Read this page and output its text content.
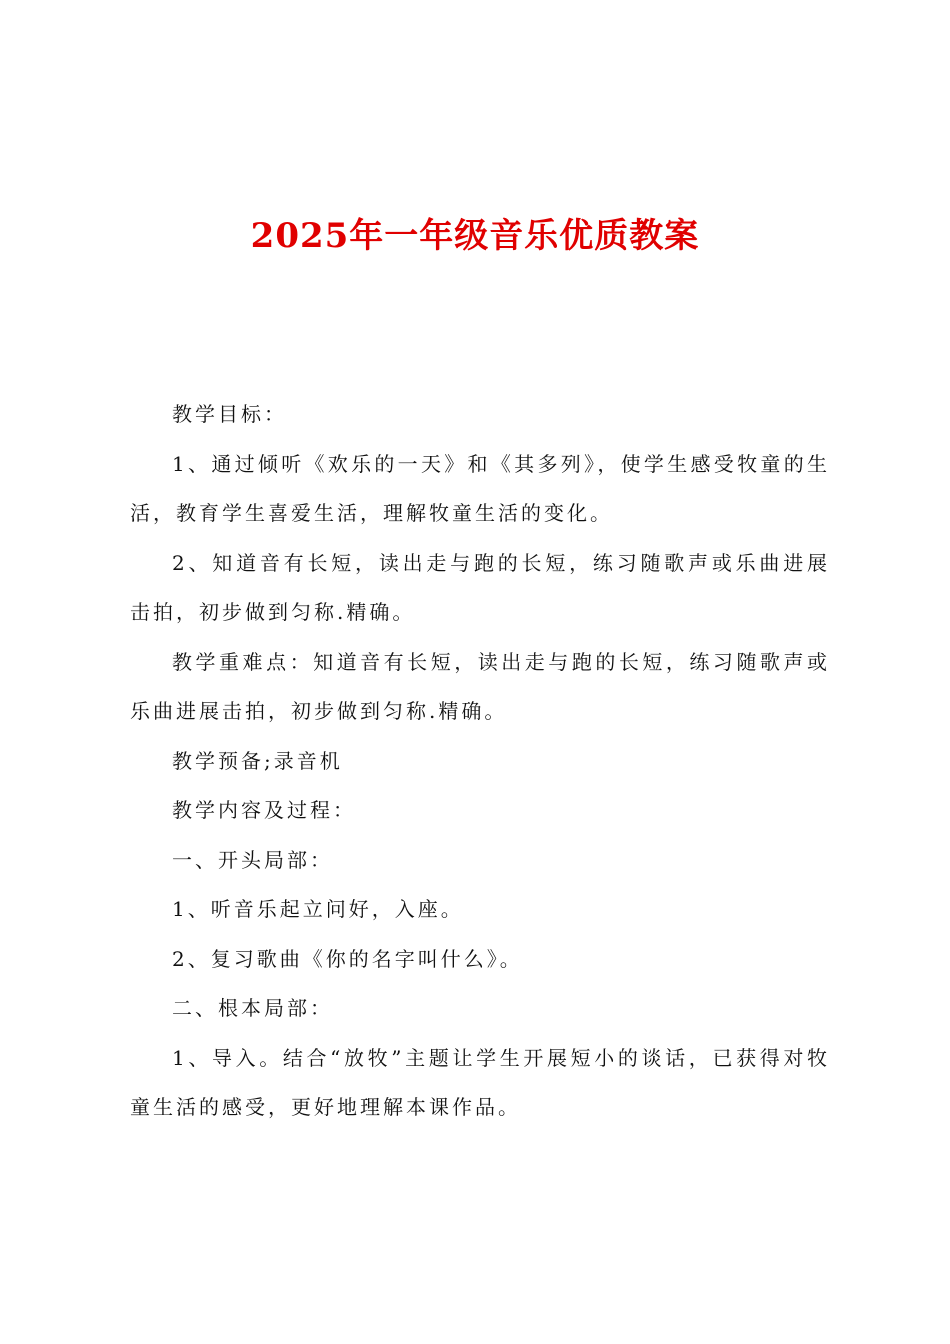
2025年一年级音乐优质教案

教学目标：

1、通过倾听《欢乐的一天》和《其多列》，使学生感受牧童的生活，教育学生喜爱生活，理解牧童生活的变化。

2、知道音有长短，读出走与跑的长短，练习随歌声或乐曲进展击拍，初步做到匀称.精确。

教学重难点：知道音有长短，读出走与跑的长短，练习随歌声或乐曲进展击拍，初步做到匀称.精确。

教学预备;录音机

教学内容及过程：

一、开头局部：

1、听音乐起立问好，入座。

2、复习歌曲《你的名字叫什么》。

二、根本局部：

1、导入。结合“放牧”主题让学生开展短小的谈话，已获得对牧童生活的感受，更好地理解本课作品。
